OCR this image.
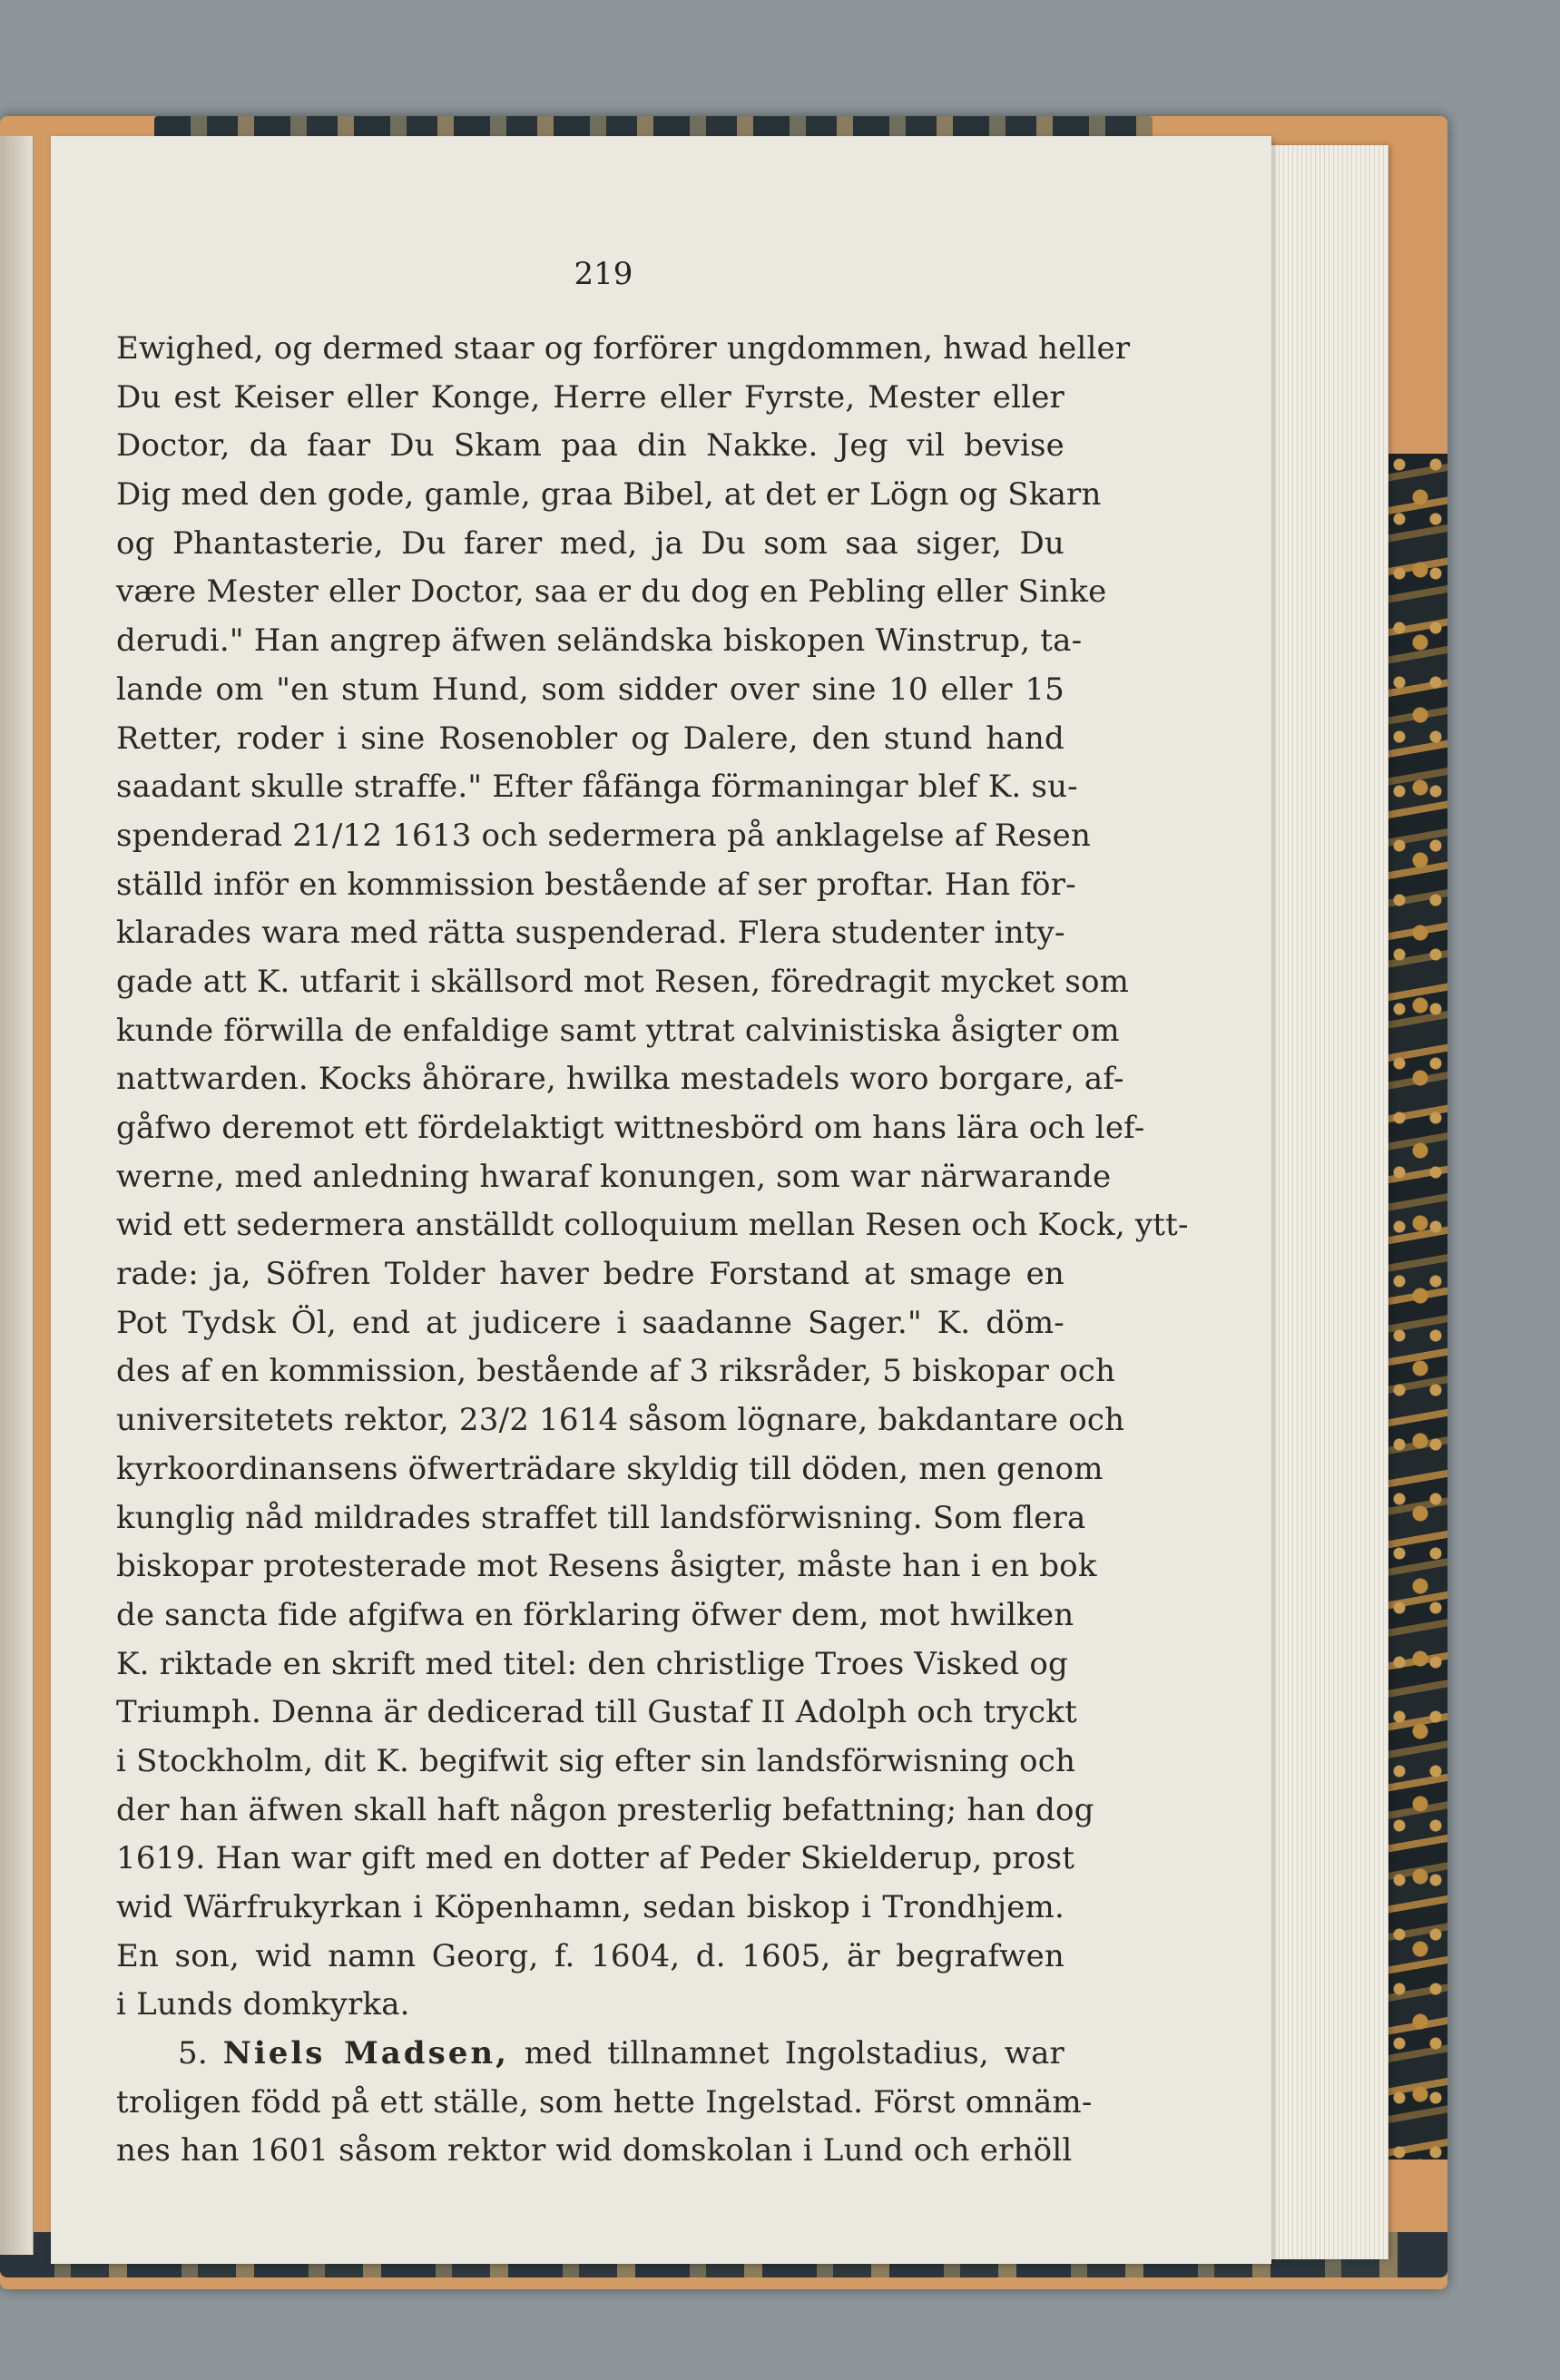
219
Ewighed, og dermed staar og forförer ungdommen, hwad heller
Du est Keiser eller Konge, Herre eller Fyrste, Mester eller
Doctor, da faar Du Skam paa din Nakke. Jeg vil bevise
Dig med den gode, gamle, graa Bibel, at det er Lögn og Skarn
og Phantasterie, Du farer med, ja Du som saa siger, Du
være Mester eller Doctor, saa er du dog en Pebling eller Sinke
derudi." Han angrep äfwen seländska biskopen Winstrup, ta-
lande om "en stum Hund, som sidder over sine 10 eller 15
Retter, roder i sine Rosenobler og Dalere, den stund hand
saadant skulle straffe." Efter fåfänga förmaningar blef K. su-
spenderad 21/12 1613 och sedermera på anklagelse af Resen
ställd inför en kommission bestående af ser proftar. Han för-
klarades wara med rätta suspenderad. Flera studenter inty-
gade att K. utfarit i skällsord mot Resen, föredragit mycket som
kunde förwilla de enfaldige samt yttrat calvinistiska åsigter om
nattwarden. Kocks åhörare, hwilka mestadels woro borgare, af-
gåfwo deremot ett fördelaktigt wittnesbörd om hans lära och lef-
werne, med anledning hwaraf konungen, som war närwarande
wid ett sedermera anställdt colloquium mellan Resen och Kock, ytt-
rade: ja, Söfren Tolder haver bedre Forstand at smage en
Pot Tydsk Öl, end at judicere i saadanne Sager." K. döm-
des af en kommission, bestående af 3 riksråder, 5 biskopar och
universitetets rektor, 23/2 1614 såsom lögnare, bakdantare och
kyrkoordinansens öfwerträdare skyldig till döden, men genom
kunglig nåd mildrades straffet till landsförwisning. Som flera
biskopar protesterade mot Resens åsigter, måste han i en bok
de sancta fide afgifwa en förklaring öfwer dem, mot hwilken
K. riktade en skrift med titel: den christlige Troes Visked og
Triumph. Denna är dedicerad till Gustaf II Adolph och tryckt
i Stockholm, dit K. begifwit sig efter sin landsförwisning och
der han äfwen skall haft någon presterlig befattning; han dog
1619. Han war gift med en dotter af Peder Skielderup, prost
wid Wärfrukyrkan i Köpenhamn, sedan biskop i Trondhjem.
En son, wid namn Georg, f. 1604, d. 1605, är begrafwen
i Lunds domkyrka.
5. Niels Madsen, med tillnamnet Ingolstadius, war
troligen född på ett ställe, som hette Ingelstad. Först omnäm-
nes han 1601 såsom rektor wid domskolan i Lund och erhöll
